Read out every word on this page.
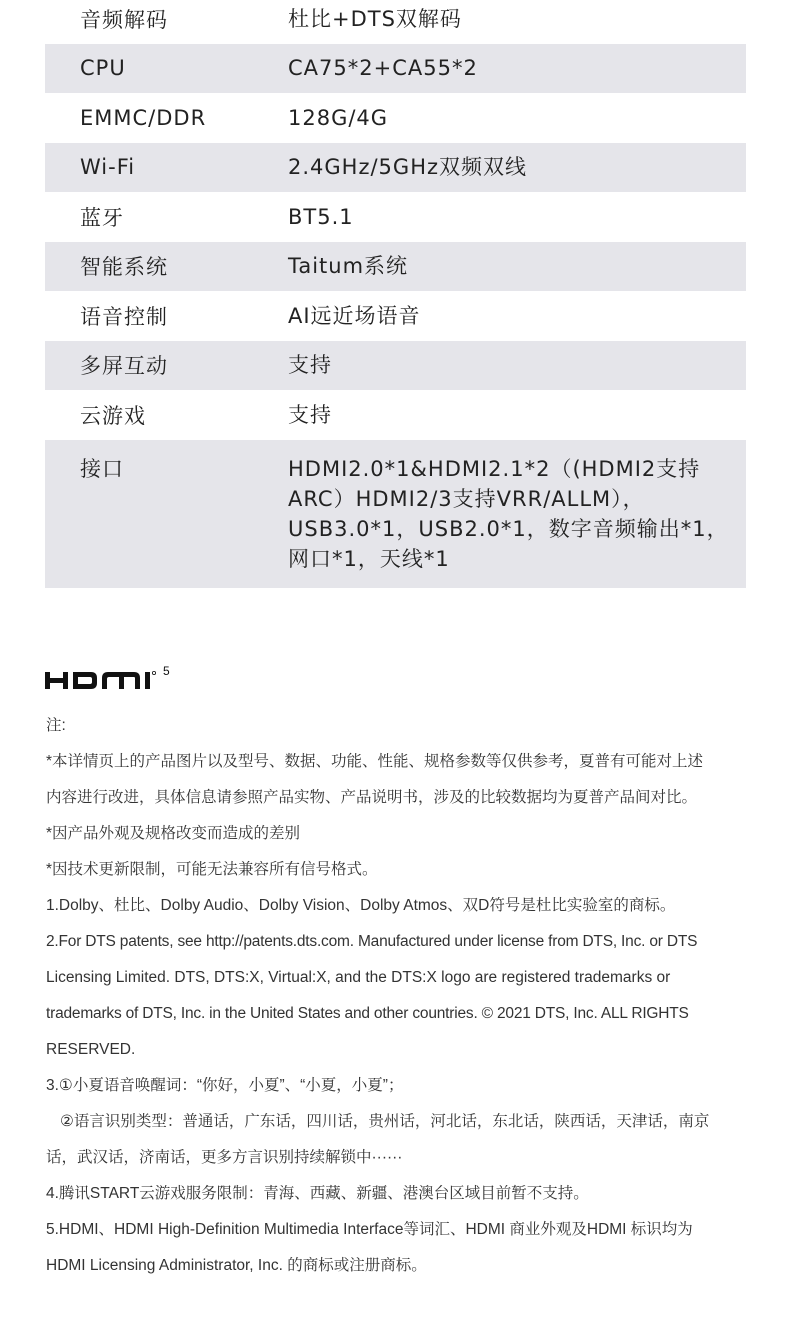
音频解码	杜比+DTS双解码
CPU	CA75*2+CA55*2
EMMC/DDR	128G/4G
Wi-Fi	2.4GHz/5GHz双频双线
蓝牙	BT5.1
智能系统	Taitum系统
语音控制	AI远近场语音
多屏互动	支持
云游戏	支持
接口	HDMI2.0*1&HDMI2.1*2（(HDMI2支持
ARC）HDMI2/3支持VRR/ALLM），
USB3.0*1，USB2.0*1，数字音频输出*1，
网口*1，天线*1
5
注:
*本详情页上的产品图片以及型号、数据、功能、性能、规格参数等仅供参考，夏普有可能对上述
内容进行改进，具体信息请参照产品实物、产品说明书，涉及的比较数据均为夏普产品间对比。
*因产品外观及规格改变而造成的差别
*因技术更新限制，可能无法兼容所有信号格式。
1.Dolby、杜比、Dolby Audio、Dolby Vision、Dolby Atmos、双D符号是杜比实验室的商标。
2.For DTS patents, see http://patents.dts.com. Manufactured under license from DTS, Inc. or DTS
Licensing Limited. DTS, DTS:X, Virtual:X, and the DTS:X logo are registered trademarks or
trademarks of DTS, Inc. in the United States and other countries. © 2021 DTS, Inc. ALL RIGHTS
RESERVED.
3.①小夏语音唤醒词：“你好，小夏”、“小夏，小夏”；
②语言识别类型：普通话，广东话，四川话，贵州话，河北话，东北话，陕西话，天津话，南京
话，武汉话，济南话，更多方言识别持续解锁中······
4.腾讯START云游戏服务限制：青海、西藏、新疆、港澳台区域目前暂不支持。
5.HDMI、HDMI High-Definition Multimedia Interface等词汇、HDMI 商业外观及HDMI 标识均为
HDMI Licensing Administrator, Inc. 的商标或注册商标。
